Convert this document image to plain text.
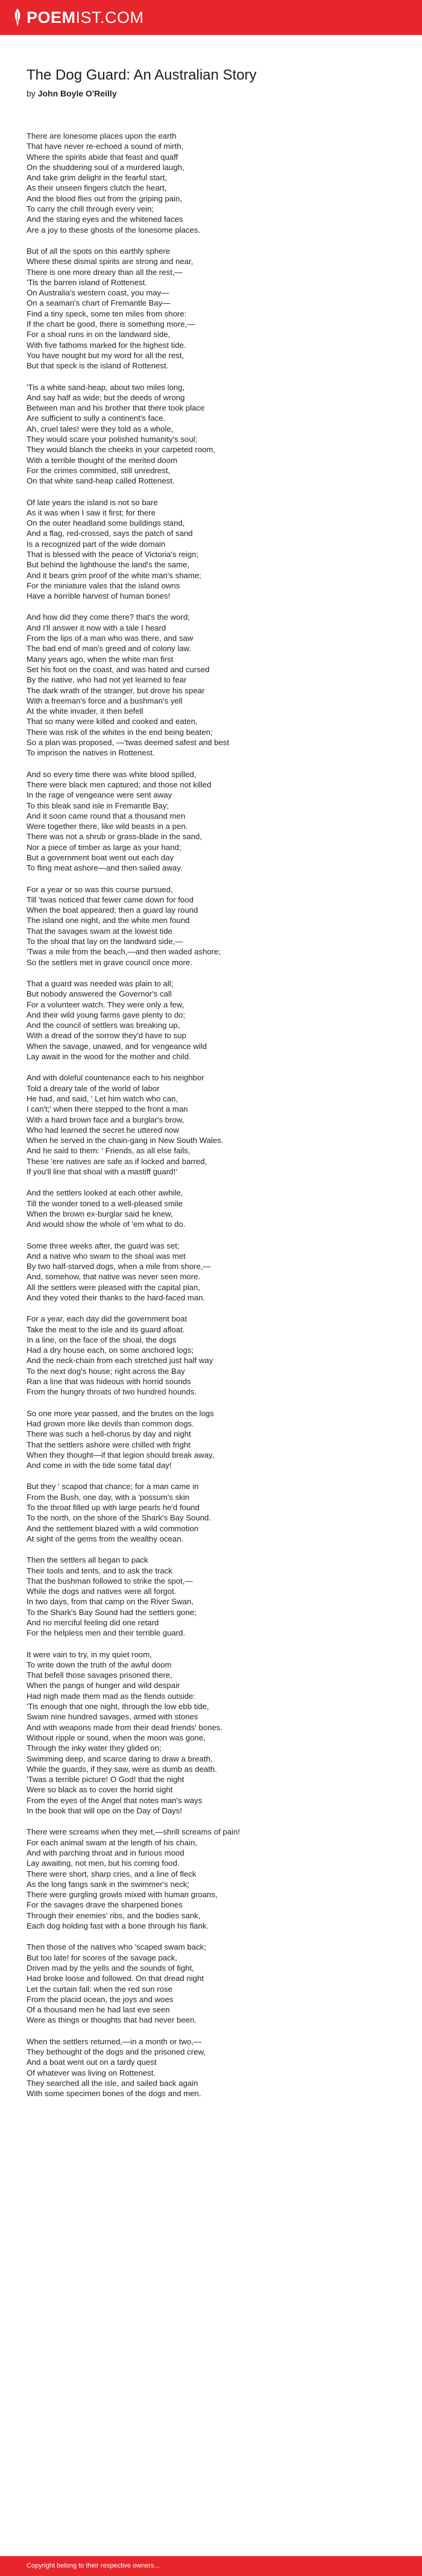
POEMIST.COM
The Dog Guard: An Australian Story
by John Boyle O'Reilly
There are lonesome places upon the earth
That have never re-echoed a sound of mirth,
Where the spirits abide that feast and quaff
On the shuddering soul of a murdered laugh,
And take grim delight in the fearful start,
As their unseen fingers clutch the heart,
And the blood flies out from the griping pain,
To carry the chill through every vein;
And the staring eyes and the whitened faces
Are a joy to these ghosts of the lonesome places.
But of all the spots on this earthly sphere
Where these dismal spirits are strong and near,
There is one more dreary than all the rest,—
'Tis the barren island of Rottenest.
On Australia's western coast, you may—
On a seaman's chart of Fremantle Bay—
Find a tiny speck, some ten miles from shore:
If the chart be good, there is something more,—
For a shoal runs in on the landward side,
With five fathoms marked for the highest tide.
You have nought but my word for all the rest,
But that speck is the island of Rottenest.
'Tis a white sand-heap, about two miles long,
And say half as wide; but the deeds of wrong
Between man and his brother that there took place
Are sufficient to sully a continent's face.
Ah, cruel tales! were they told as a whole,
They would scare your polished humanity's soul;
They would blanch the cheeks in your carpeted room,
With a terrible thought of the merited doom
For the crimes committed, still unredrest,
On that white sand-heap called Rottenest.
Of late years the island is not so bare
As it was when I saw it first; for there
On the outer headland some buildings stand,
And a flag, red-crossed, says the patch of sand
Is a recognized part of the wide domain
That is blessed with the peace of Victoria's reign;
But behind the lighthouse the land's the same,
And it bears grim proof of the white man's shame;
For the miniature vales that the island owns
Have a horrible harvest of human bones!
And how did they come there? that's the word;
And I'll answer it now with a tale I heard
From the lips of a man who was there, and saw
The bad end of man's greed and of colony law.
Many years ago, when the white man first
Set his foot on the coast, and was hated and cursed
By the native, who had not yet learned to fear
The dark wrath of the stranger, but drove his spear
With a freeman's force and a bushman's yell
At the white invader, it then befell
That so many were killed and cooked and eaten,
There was risk of the whites in the end being beaten;
So a plan was proposed, —'twas deemed safest and best
To imprison the natives in Rottenest.
And so every time there was white blood spilled,
There were black men captured; and those not killed
In the rage of vengeance were sent away
To this bleak sand isle in Fremantle Bay;
And it soon came round that a thousand men
Were together there, like wild beasts in a pen.
There was not a shrub or grass-blade in the sand,
Nor a piece of timber as large as your hand;
But a government boat went out each day
To fling meat ashore—and then sailed away.
For a year or so was this course pursued,
Till 'twas noticed that fewer came down for food
When the boat appeared; then a guard lay round
The island one night, and the white men found
That the savages swam at the lowest tide
To the shoal that lay on the landward side,—
'Twas a mile from the beach,—and then waded ashore;
So the settlers met in grave council once more.
That a guard was needed was plain to all;
But nobody answered the Governor's call
For a volunteer watch. They were only a few,
And their wild young farms gave plenty to do;
And the council of settlers was breaking up,
With a dread of the sorrow they'd have to sup
When the savage, unawed, and for vengeance wild
Lay await in the wood for the mother and child.
And with doleful countenance each to his neighbor
Told a dreary tale of the world of labor
He had, and said, ' Let him watch who can,
I can't;' when there stepped to the front a man
With a hard brown face and a burglar's brow,
Who had learned the secret he uttered now
When he served in the chain-gang in New South Wales.
And he said to them: ' Friends, as all else fails,
These 'ere natives are safe as if locked and barred,
If you'll line that shoal with a mastiff guard!'
And the settlers looked at each other awhile,
Till the wonder toned to a well-pleased smile
When the brown ex-burglar said he knew,
And would show the whole of 'em what to do.
Some three weeks after, the guard was set;
And a native who swam to the shoal was met
By two half-starved dogs, when a mile from shore,—
And, somehow, that native was never seen more.
All the settlers were pleased with the capital plan,
And they voted their thanks to the hard-faced man.
For a year, each day did the government boat
Take the meat to the isle and its guard afloat.
In a line, on the face of the shoal, the dogs
Had a dry house each, on some anchored logs;
And the neck-chain from each stretched just half way
To the next dog's house; right across the Bay
Ran a line that was hideous with horrid sounds
From the hungry throats of two hundred hounds.
So one more year passed, and the brutes on the logs
Had grown more like devils than common dogs.
There was such a hell-chorus by day and night
That the settlers ashore were chilled with fright
When they thought—if that legion should break away,
And come in with the tide some fatal day!
But they ' scapod that chance; for a man came in
From the Bush, one day, with a 'possum's skin
To the throat filled up with large pearls he'd found
To the north, on the shore of the Shark's Bay Sound.
And the settlement blazed with a wild commotion
At sight of the gems from the wealthy ocean.
Then the settlers all began to pack
Their tools and tents, and to ask the track
That the bushman followed to strike the spot,—
While the dogs and natives were all forgot.
In two days, from that camp on the River Swan,
To the Shark's Bay Sound had the settlers gone;
And no merciful feeling did one retard
For the helpless men and their terrible guard.
It were vain to try, in my quiet room,
To write down the truth of the awful doom
That befell those savages prisoned there,
When the pangs of hunger and wild despair
Had nigh made them mad as the fiends outside:
'Tis enough that one night, through the low ebb tide,
Swam nine hundred savages, armed with stones
And with weapons made from their dead friends' bones.
Without ripple or sound, when the moon was gone,
Through the inky water they glided on;
Swimming deep, and scarce daring to draw a breath,
While the guards, if they saw, were as dumb as death.
'Twas a terrible picture! O God! that the night
Were so black as to cover the horrid sight
From the eyes of the Angel that notes man's ways
In the book that will ope on the Day of Days!
There were screams when they met,—shrill screams of pain!
For each animal swam at the length of his chain,
And with parching throat and in furious mood
Lay awaiting, not men, but his coming food.
There were short, sharp cries, and a line of fleck
As the long fangs sank in the swimmer's neck;
There were gurgling growls mixed with human groans,
For the savages drave the sharpened bones
Through their enemies' ribs, and the bodies sank,
Each dog holding fast with a bone through his flank.
Then those of the natives who 'scaped swam back;
But too late! for scores of the savage pack,
Driven mad by the yells and the sounds of fight,
Had broke loose and followed. On that dread night
Let the curtain fall: when the red sun rose
From the placid ocean, the joys and woes
Of a thousand men he had last eve seen
Were as things or thoughts that had never been.
When the settlers returned,—in a month or two,—
They bethought of the dogs and the prisoned crew,
And a boat went out on a tardy quest
Of whatever was living on Rottenest.
They searched all the isle, and sailed back again
With some specimen bones of the dogs and men.
Copyright belong to their respective owners...
